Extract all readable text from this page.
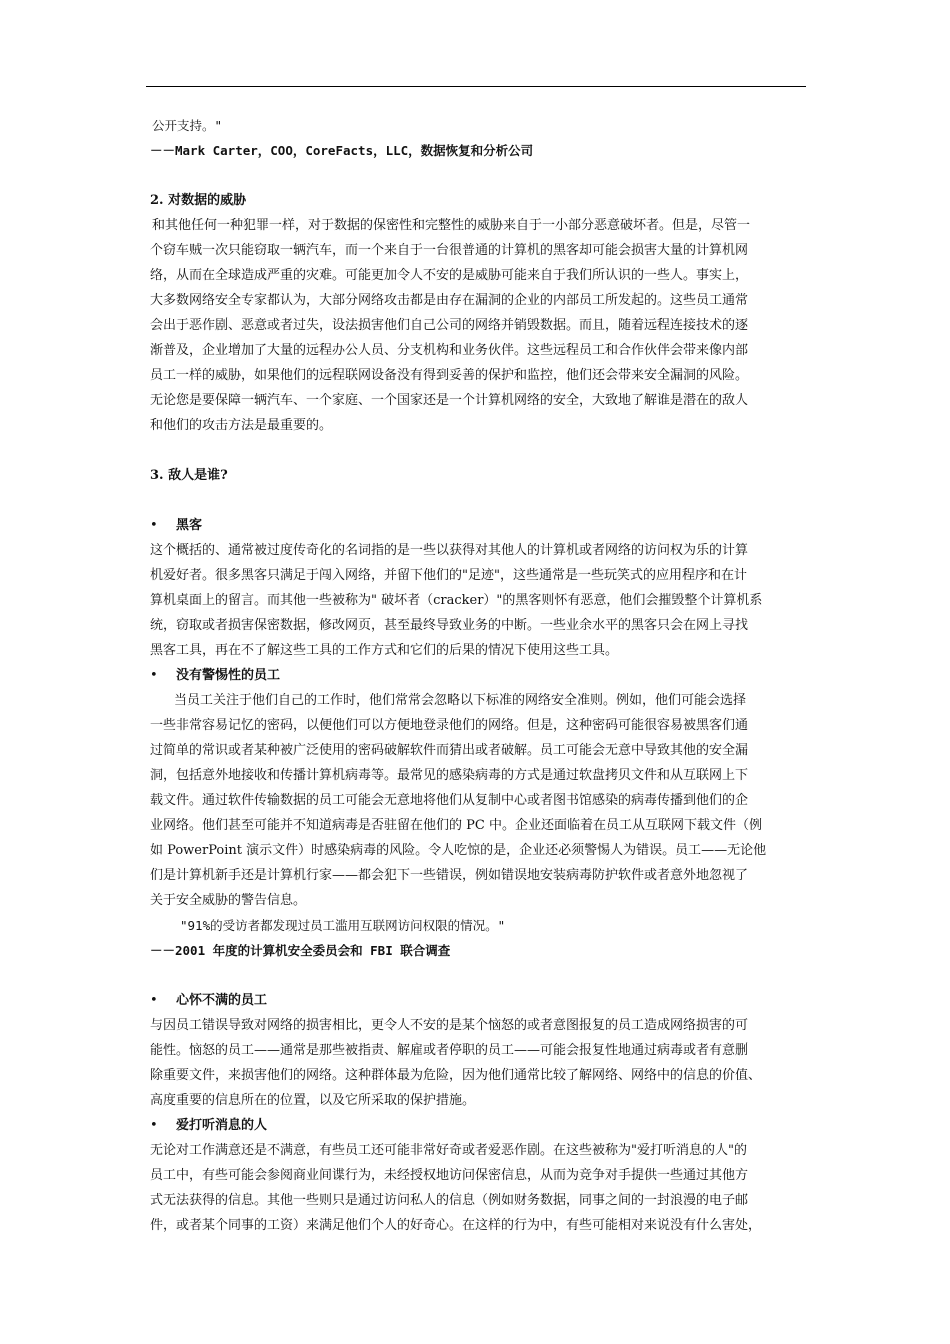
公开支持。"
－－Mark Carter，COO，CoreFacts，LLC，数据恢复和分析公司
2. 对数据的威胁
和其他任何一种犯罪一样，对于数据的保密性和完整性的威胁来自于一小部分恶意破坏者。但是，尽管一
个窃车贼一次只能窃取一辆汽车，而一个来自于一台很普通的计算机的黑客却可能会损害大量的计算机网
络，从而在全球造成严重的灾难。可能更加令人不安的是威胁可能来自于我们所认识的一些人。事实上，
大多数网络安全专家都认为，大部分网络攻击都是由存在漏洞的企业的内部员工所发起的。这些员工通常
会出于恶作剧、恶意或者过失，设法损害他们自己公司的网络并销毁数据。而且，随着远程连接技术的逐
渐普及，企业增加了大量的远程办公人员、分支机构和业务伙伴。这些远程员工和合作伙伴会带来像内部
员工一样的威胁，如果他们的远程联网设备没有得到妥善的保护和监控，他们还会带来安全漏洞的风险。
无论您是要保障一辆汽车、一个家庭、一个国家还是一个计算机网络的安全，大致地了解谁是潜在的敌人
和他们的攻击方法是最重要的。
3. 敌人是谁?
•	黑客
这个概括的、通常被过度传奇化的名词指的是一些以获得对其他人的计算机或者网络的访问权为乐的计算
机爱好者。很多黑客只满足于闯入网络，并留下他们的"足迹"，这些通常是一些玩笑式的应用程序和在计
算机桌面上的留言。而其他一些被称为" 破坏者（cracker）"的黑客则怀有恶意，他们会摧毁整个计算机系
统，窃取或者损害保密数据，修改网页，甚至最终导致业务的中断。一些业余水平的黑客只会在网上寻找
黑客工具，再在不了解这些工具的工作方式和它们的后果的情况下使用这些工具。
•	没有警惕性的员工
当员工关注于他们自己的工作时，他们常常会忽略以下标准的网络安全准则。例如，他们可能会选择
一些非常容易记忆的密码，以便他们可以方便地登录他们的网络。但是，这种密码可能很容易被黑客们通
过简单的常识或者某种被广泛使用的密码破解软件而猜出或者破解。员工可能会无意中导致其他的安全漏
洞，包括意外地接收和传播计算机病毒等。最常见的感染病毒的方式是通过软盘拷贝文件和从互联网上下
载文件。通过软件传输数据的员工可能会无意地将他们从复制中心或者图书馆感染的病毒传播到他们的企
业网络。他们甚至可能并不知道病毒是否驻留在他们的 PC 中。企业还面临着在员工从互联网下载文件（例
如 PowerPoint 演示文件）时感染病毒的风险。令人吃惊的是，企业还必须警惕人为错误。员工——无论他
们是计算机新手还是计算机行家——都会犯下一些错误，例如错误地安装病毒防护软件或者意外地忽视了
关于安全威胁的警告信息。
"91%的受访者都发现过员工滥用互联网访问权限的情况。"
－－2001 年度的计算机安全委员会和 FBI 联合调查
•	心怀不满的员工
与因员工错误导致对网络的损害相比，更令人不安的是某个恼怒的或者意图报复的员工造成网络损害的可
能性。恼怒的员工——通常是那些被指责、解雇或者停职的员工——可能会报复性地通过病毒或者有意删
除重要文件，来损害他们的网络。这种群体最为危险，因为他们通常比较了解网络、网络中的信息的价值、
高度重要的信息所在的位置，以及它所采取的保护措施。
•	爱打听消息的人
无论对工作满意还是不满意，有些员工还可能非常好奇或者爱恶作剧。在这些被称为"爱打听消息的人"的
员工中，有些可能会参阅商业间谍行为，未经授权地访问保密信息，从而为竞争对手提供一些通过其他方
式无法获得的信息。其他一些则只是通过访问私人的信息（例如财务数据，同事之间的一封浪漫的电子邮
件，或者某个同事的工资）来满足他们个人的好奇心。在这样的行为中，有些可能相对来说没有什么害处，
